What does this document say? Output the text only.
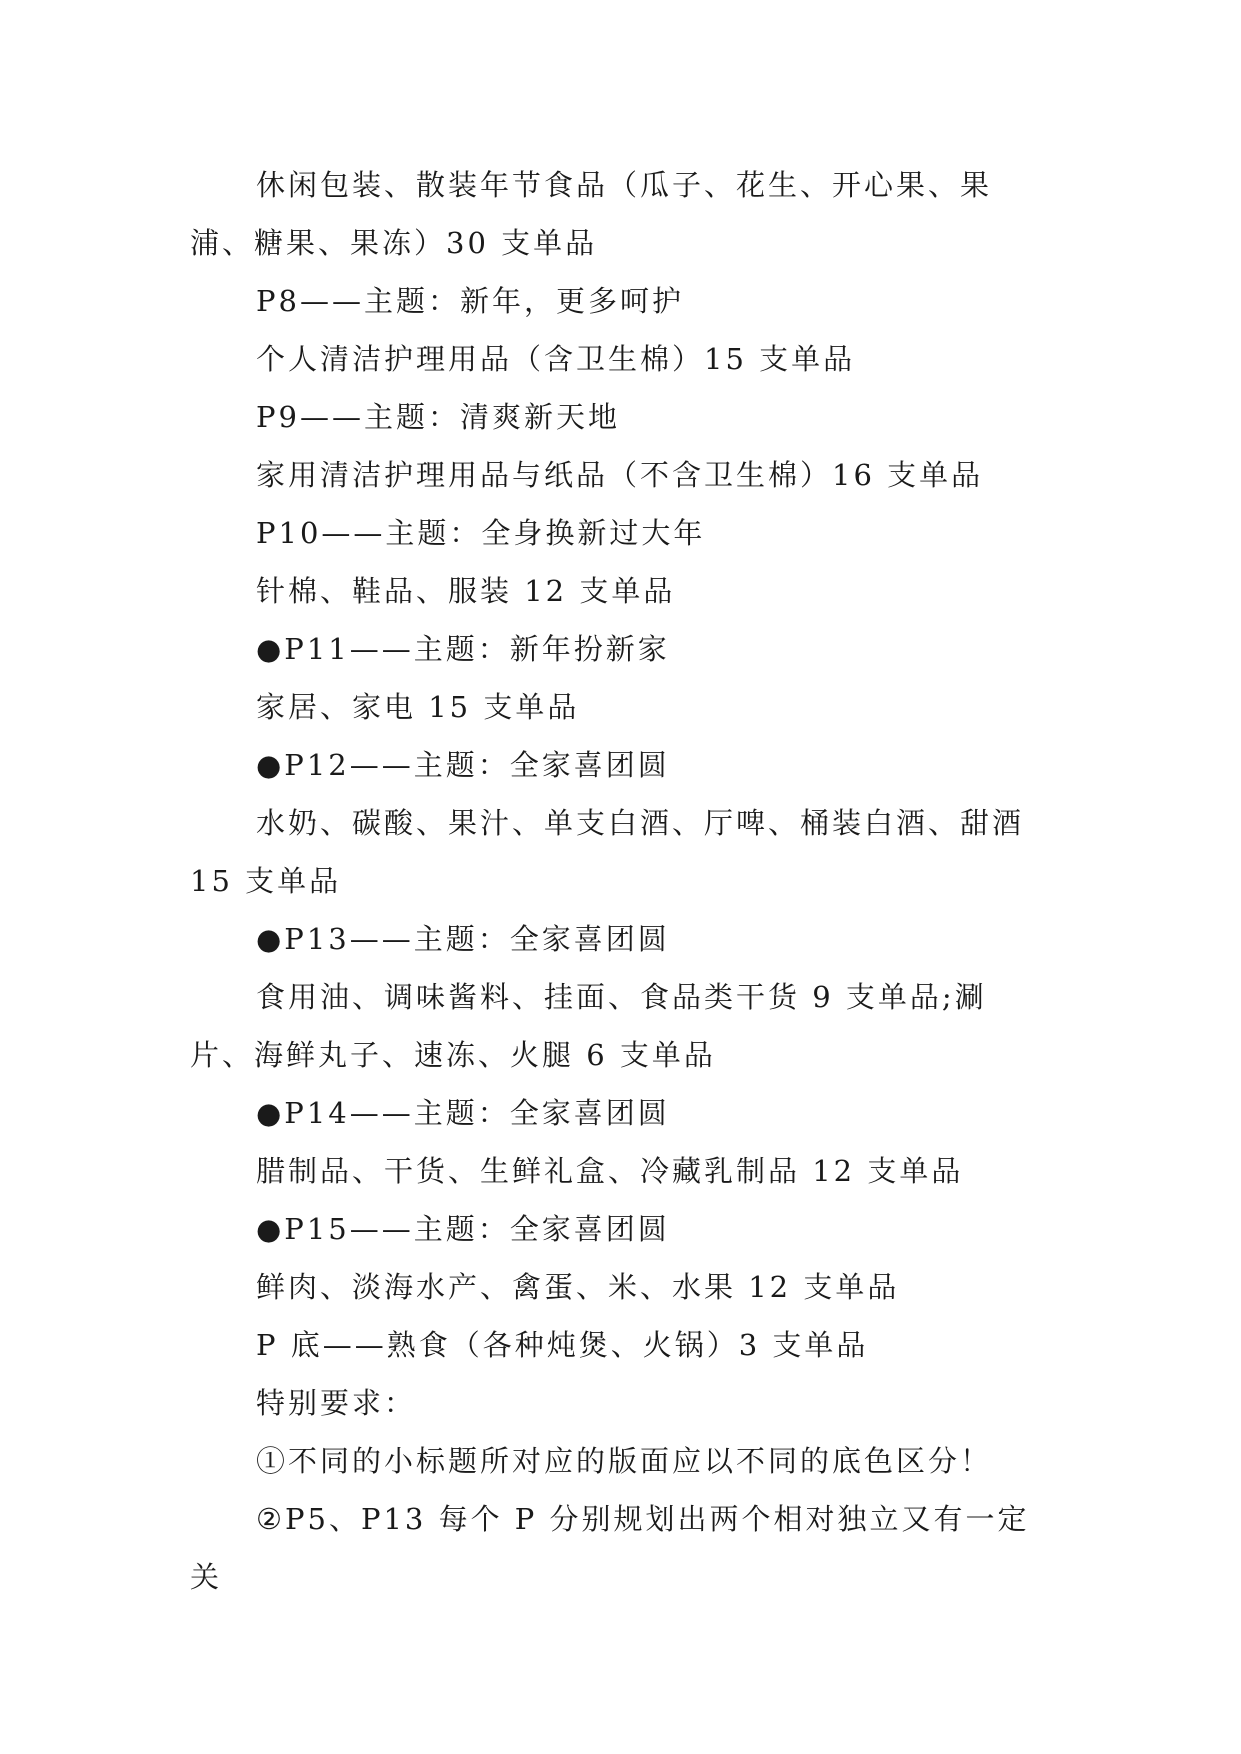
休闲包装、散装年节食品（瓜子、花生、开心果、果浦、糖果、果冻）30 支单品

P8——主题：新年，更多呵护

个人清洁护理用品（含卫生棉）15 支单品

P9——主题：清爽新天地

家用清洁护理用品与纸品（不含卫生棉）16 支单品

P10——主题：全身换新过大年

针棉、鞋品、服装 12 支单品

●P11——主题：新年扮新家

家居、家电 15 支单品

●P12——主题：全家喜团圆

水奶、碳酸、果汁、单支白酒、厅啤、桶装白酒、甜酒 15 支单品

●P13——主题：全家喜团圆

食用油、调味酱料、挂面、食品类干货 9 支单品;涮片、海鲜丸子、速冻、火腿 6 支单品

●P14——主题：全家喜团圆

腊制品、干货、生鲜礼盒、冷藏乳制品 12 支单品

●P15——主题：全家喜团圆

鲜肉、淡海水产、禽蛋、米、水果 12 支单品

P 底——熟食（各种炖煲、火锅）3 支单品

特别要求：

①不同的小标题所对应的版面应以不同的底色区分！

②P5、P13 每个 P 分别规划出两个相对独立又有一定关
